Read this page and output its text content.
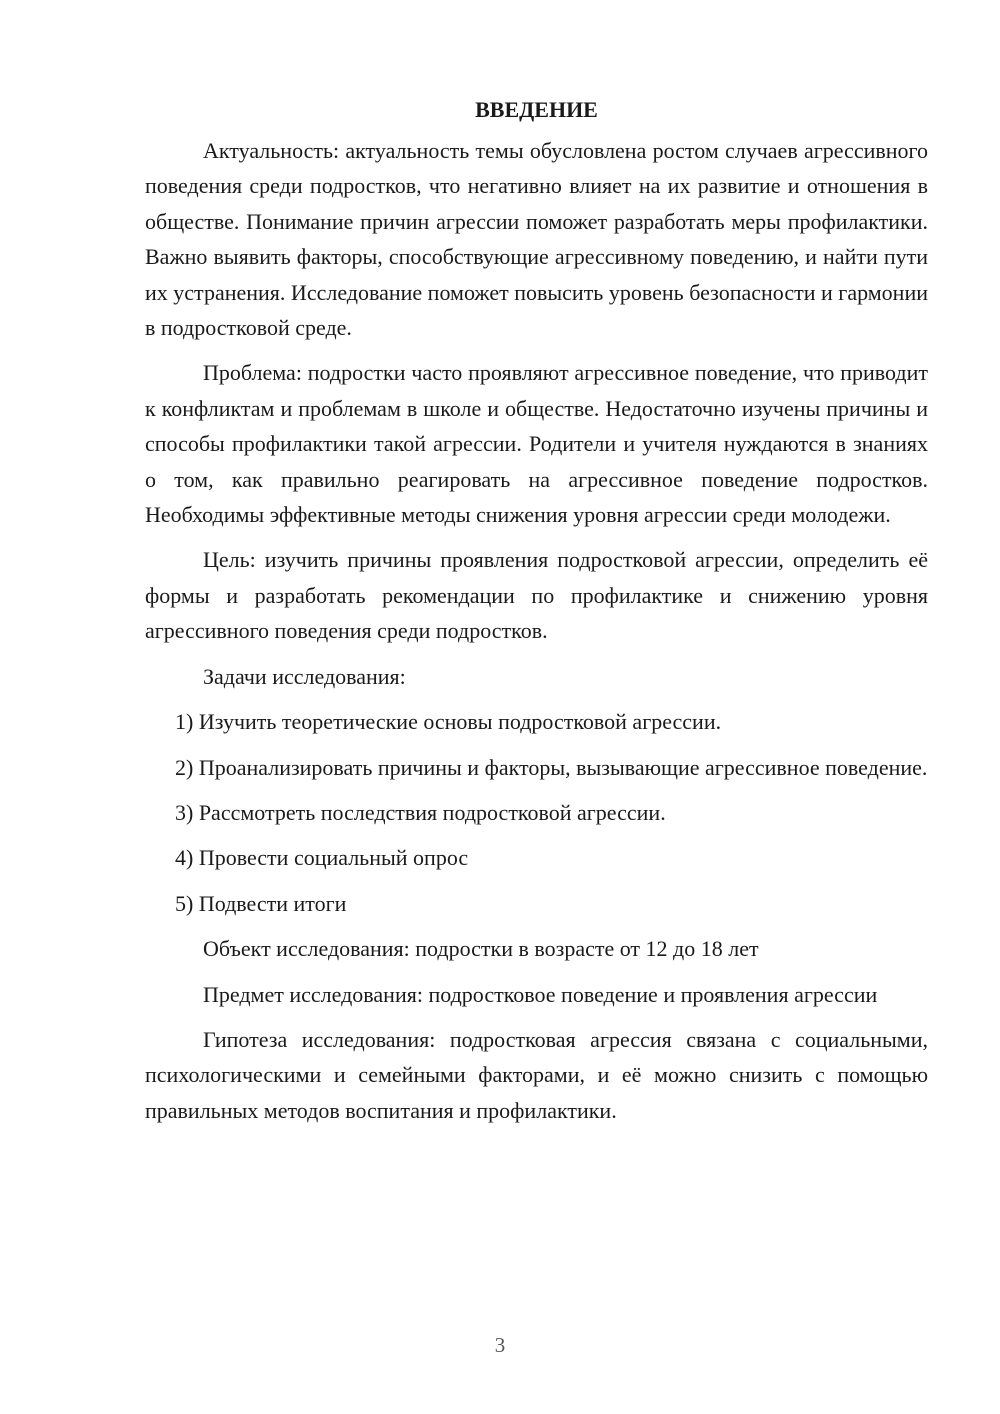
ВВЕДЕНИЕ

Актуальность: актуальность темы обусловлена ростом случаев агрессивного поведения среди подростков, что негативно влияет на их развитие и отношения в обществе. Понимание причин агрессии поможет разработать меры профилактики. Важно выявить факторы, способствующие агрессивному поведению, и найти пути их устранения. Исследование поможет повысить уровень безопасности и гармонии в подростковой среде.

Проблема: подростки часто проявляют агрессивное поведение, что приводит к конфликтам и проблемам в школе и обществе. Недостаточно изучены причины и способы профилактики такой агрессии. Родители и учителя нуждаются в знаниях о том, как правильно реагировать на агрессивное поведение подростков. Необходимы эффективные методы снижения уровня агрессии среди молодежи.

Цель: изучить причины проявления подростковой агрессии, определить её формы и разработать рекомендации по профилактике и снижению уровня агрессивного поведения среди подростков.

Задачи исследования:

1) Изучить теоретические основы подростковой агрессии.

2) Проанализировать причины и факторы, вызывающие агрессивное поведение.

3) Рассмотреть последствия подростковой агрессии.

4) Провести социальный опрос

5) Подвести итоги

Объект исследования: подростки в возрасте от 12 до 18 лет

Предмет исследования: подростковое поведение и проявления агрессии

Гипотеза исследования: подростковая агрессия связана с социальными, психологическими и семейными факторами, и её можно снизить с помощью правильных методов воспитания и профилактики.

3
